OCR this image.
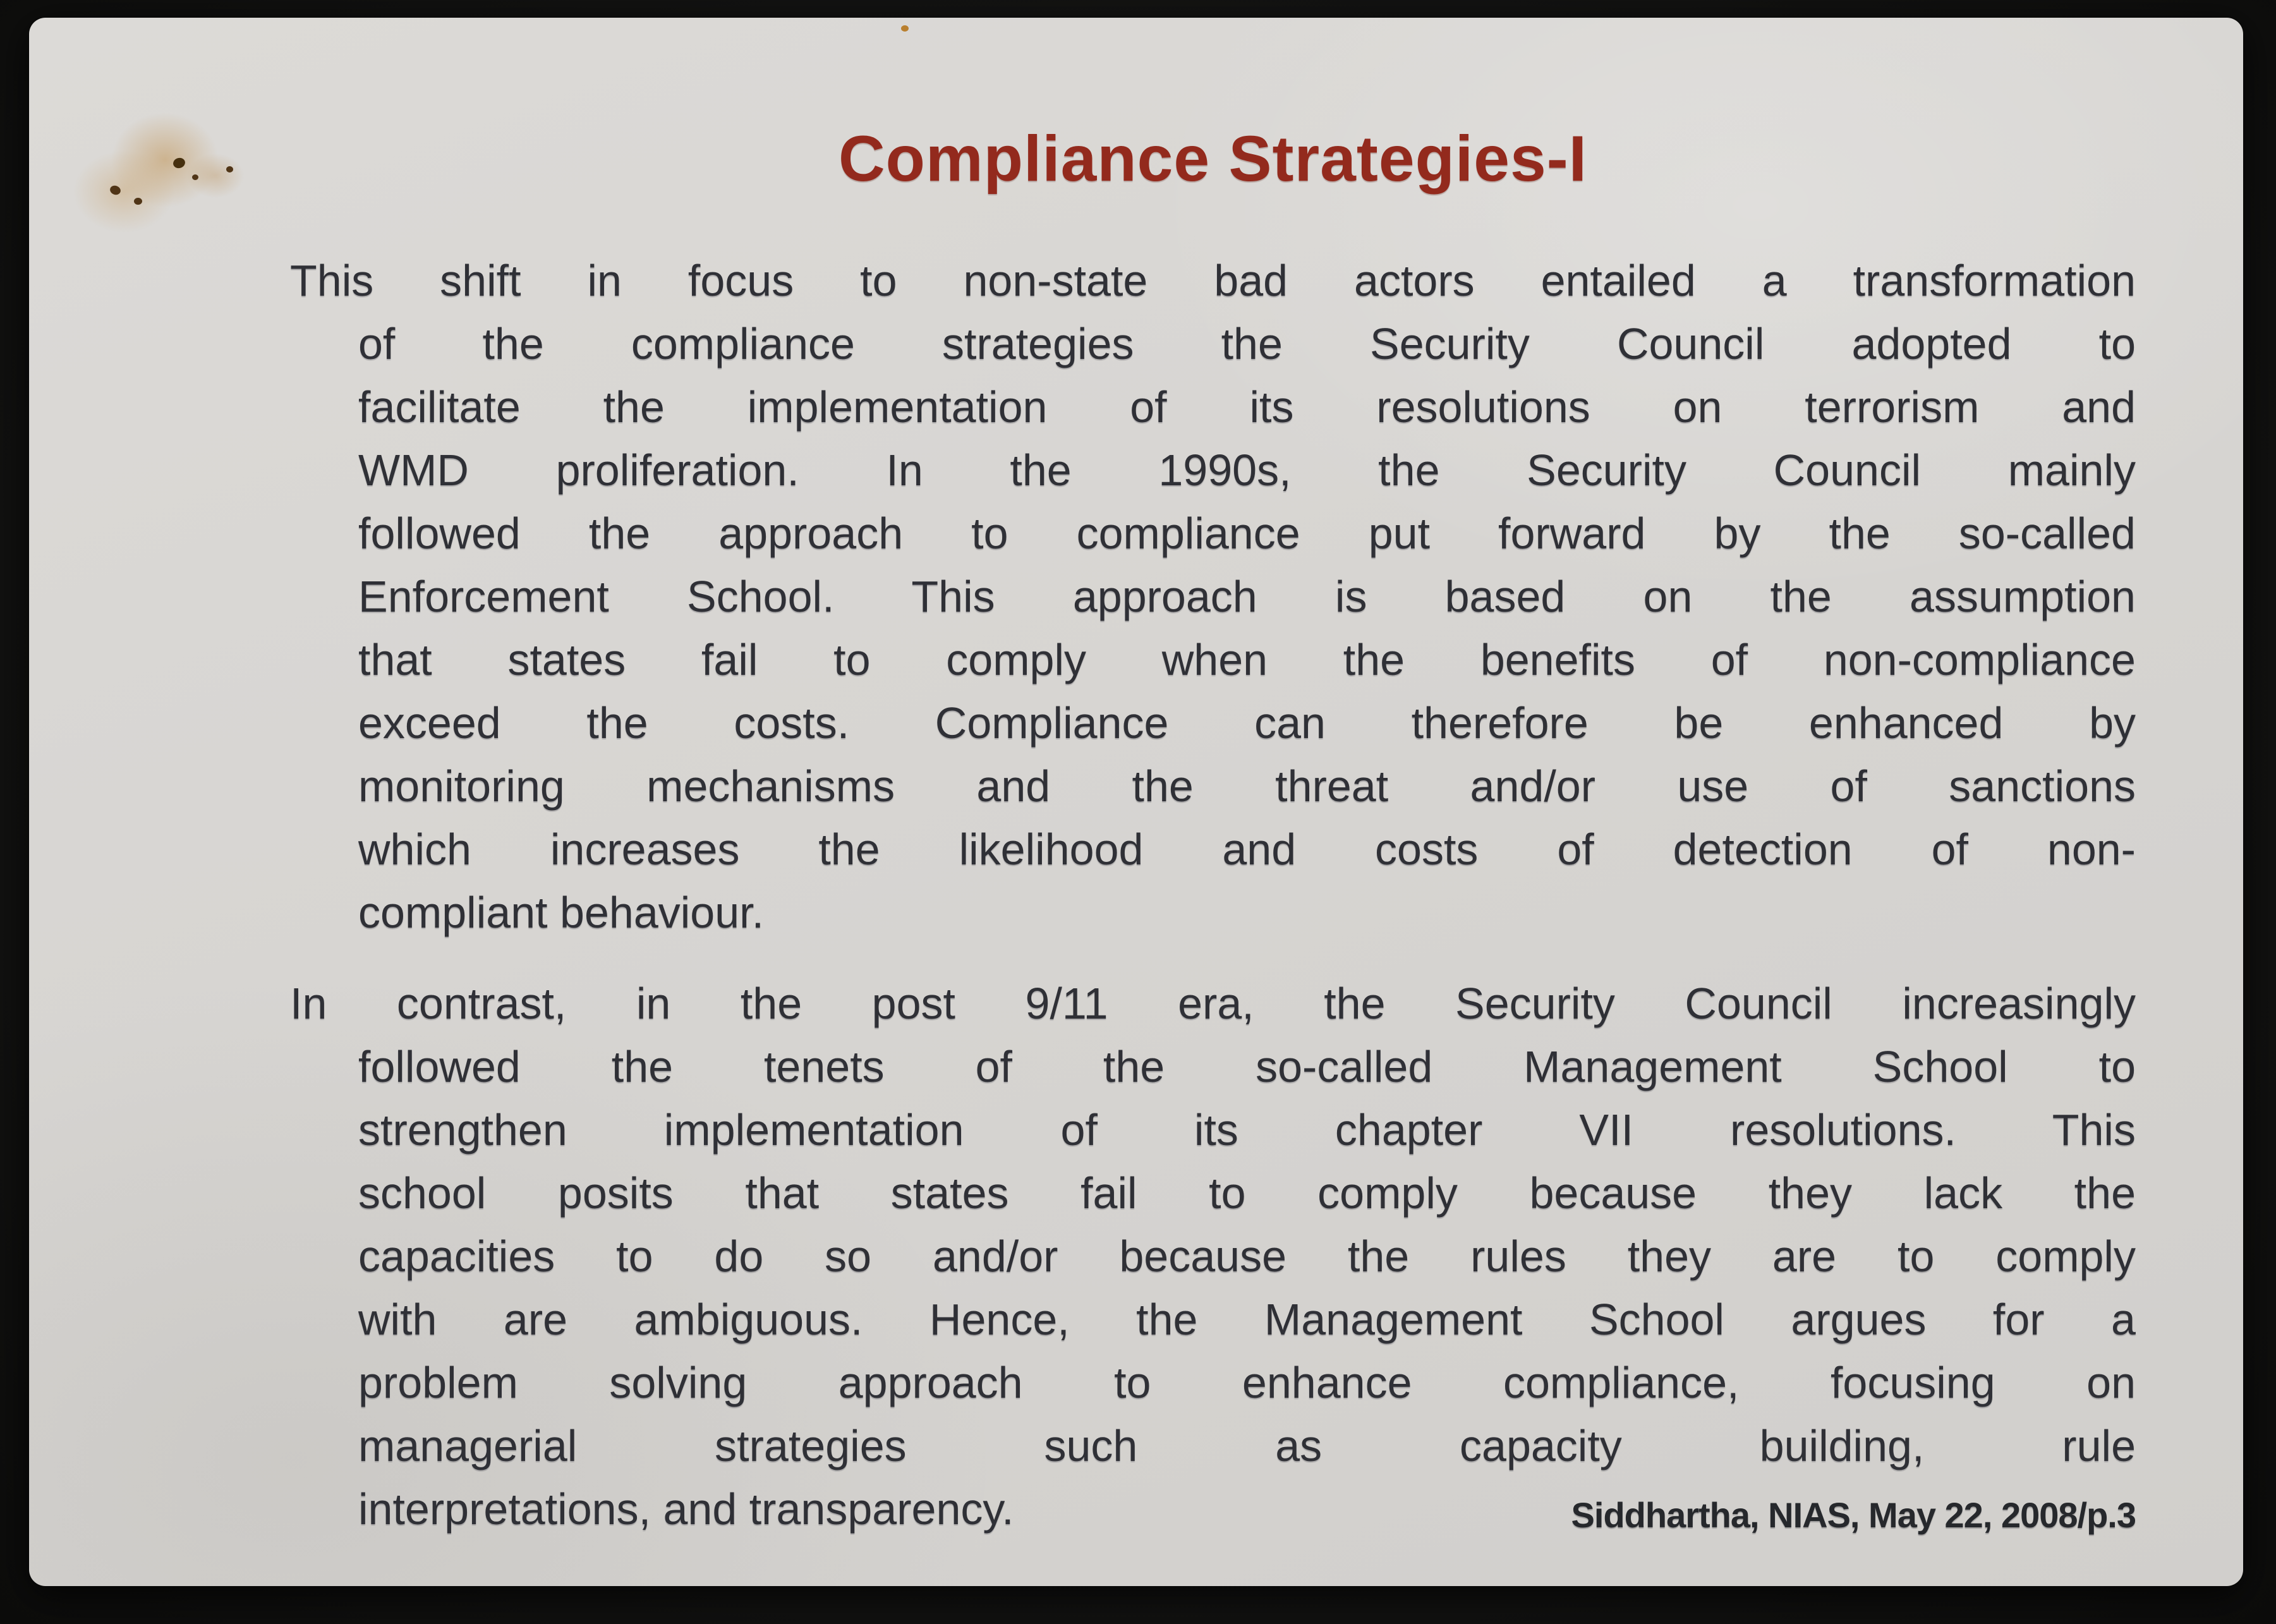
Compliance Strategies-I
This shift in focus to non-state bad actors entailed a transformation
of the compliance strategies the Security Council adopted to
facilitate the implementation of its resolutions on terrorism and
WMD proliferation. In the 1990s, the Security Council mainly
followed the approach to compliance put forward by the so-called
Enforcement School. This approach is based on the assumption
that states fail to comply when the benefits of non-compliance
exceed the costs. Compliance can therefore be enhanced by
monitoring mechanisms and the threat and/or use of sanctions
which increases the likelihood and costs of detection of non-
compliant behaviour.
In contrast, in the post 9/11 era, the Security Council increasingly
followed the tenets of the so-called Management School to
strengthen implementation of its chapter VII resolutions. This
school posits that states fail to comply because they lack the
capacities to do so and/or because the rules they are to comply
with are ambiguous. Hence, the Management School argues for a
problem solving approach to enhance compliance, focusing on
managerial strategies such as capacity building, rule
interpretations, and transparency.	Siddhartha, NIAS, May 22, 2008/p.3
